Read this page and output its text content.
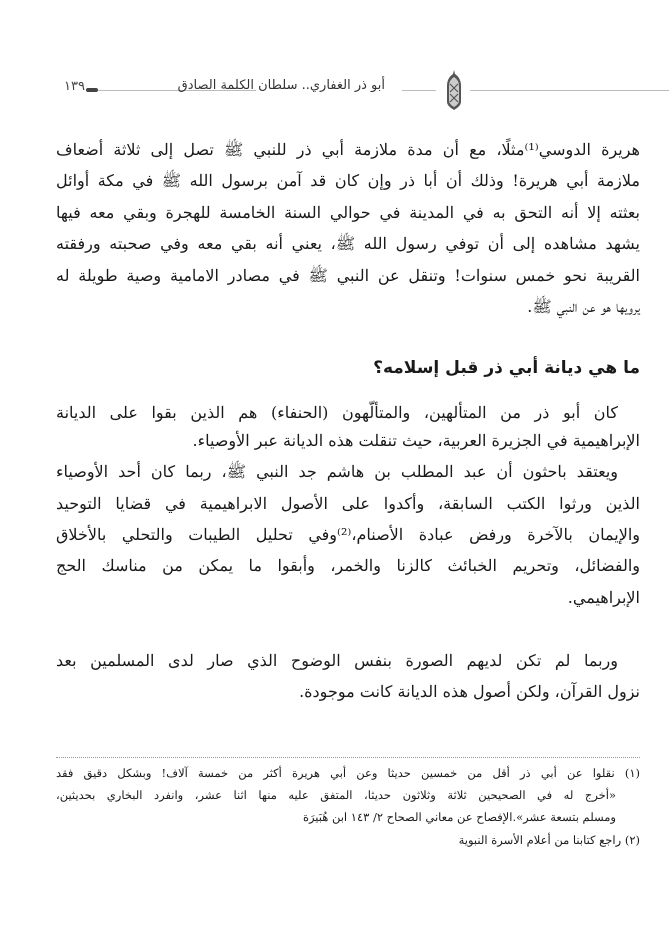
١٣٩	أبو ذر الغفاري.. سلطان الكلمة الصادق
هريرة الدوسي⁽¹⁾مثلًا، مع أن مدة ملازمة أبي ذر للنبي ﷺ تصل إلى ثلاثة أضعاف
ملازمة أبي هريرة! وذلك أن أبا ذر وإن كان قد آمن برسول الله ﷺ في مكة أوائل
بعثته إلا أنه التحق به في المدينة في حوالي السنة الخامسة للهجرة وبقي معه فيها
يشهد مشاهده إلى أن توفي رسول الله ﷺ، يعني أنه بقي معه وفي صحبته ورفقته
القريبة نحو خمس سنوات! وتنقل عن النبي ﷺ في مصادر الامامية وصية طويلة له
يرويها هو عن النبي ﷺ.
ما هي ديانة أبي ذر قبل إسلامه؟
كان أبو ذر من المتألهين، والمتألّهون (الحنفاء) هم الذين بقوا على الديانة
الإبراهيمية في الجزيرة العربية، حيث تنقلت هذه الديانة عبر الأوصياء.
ويعتقد باحثون أن عبد المطلب بن هاشم جد النبي ﷺ، ربما كان أحد الأوصياء
الذين ورثوا الكتب السابقة، وأكدوا على الأصول الابراهيمية في قضايا التوحيد
والإيمان بالآخرة ورفض عبادة الأصنام،⁽²⁾وفي تحليل الطيبات والتحلي بالأخلاق
والفضائل، وتحريم الخبائث كالزنا والخمر، وأبقوا ما يمكن من مناسك الحج
الإبراهيمي.
وربما لم تكن لديهم الصورة بنفس الوضوح الذي صار لدى المسلمين بعد
نزول القرآن، ولكن أصول هذه الديانة كانت موجودة.
(١) نقلوا عن أبي ذر أقل من خمسين حديثا وعن أبي هريرة أكثر من خمسة آلاف! وبشكل دقيق فقد
«أخرج له في الصحيحين ثلاثة وثلاثون حديثا، المتفق عليه منها اثنا عشر، وانفرد البخاري بحديثين،
ومسلم بتسعة عشر».الإفصاح عن معاني الصحاح ٢/ ١٤٣ ابن هُبَيرَة
(٢) راجع كتابنا من أعلام الأسرة النبوية
